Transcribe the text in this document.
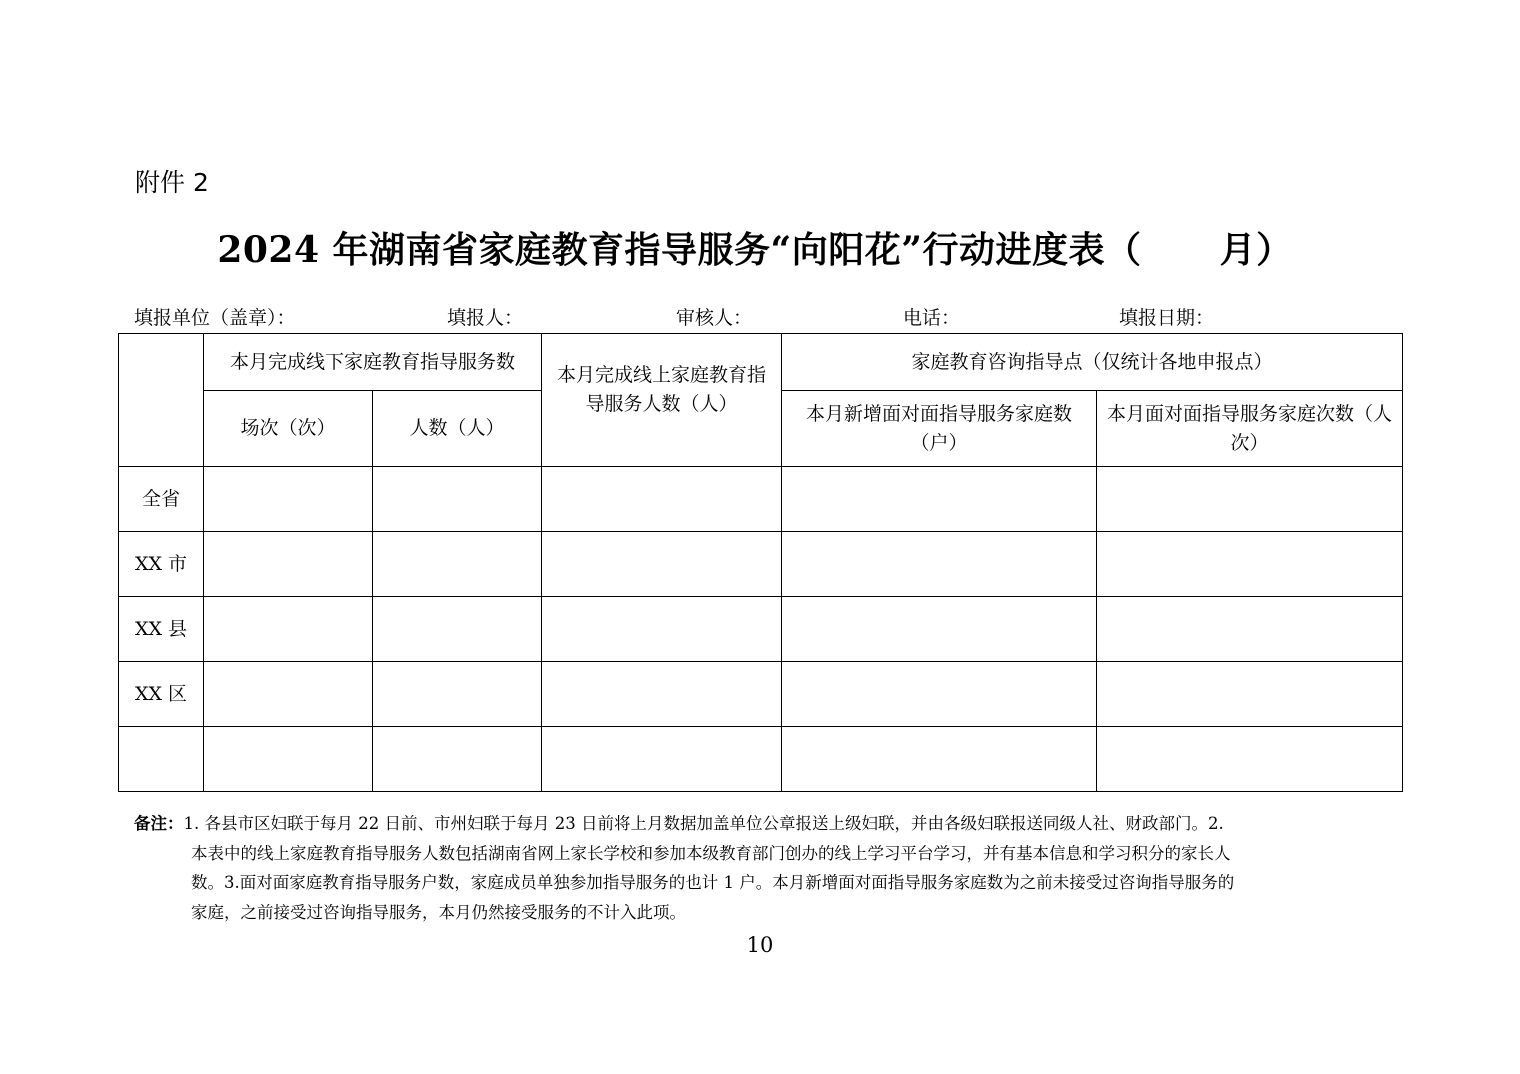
附件 2
2024 年湖南省家庭教育指导服务“向阳花”行动进度表（      月）
填报单位（盖章）：	填报人：	审核人：	电话：	填报日期：
	本月完成线下家庭教育指导服务数		本月完成线上家庭教育指导服务人数（人）	家庭教育咨询指导点（仅统计各地申报点）	
	场次（次）	人数（人）		本月新增面对面指导服务家庭数（户）	本月面对面指导服务家庭次数（人次）
全省					
XX 市					
XX 县					
XX 区					

备注：1. 各县市区妇联于每月 22 日前、市州妇联于每月 23 日前将上月数据加盖单位公章报送上级妇联，并由各级妇联报送同级人社、财政部门。2.
本表中的线上家庭教育指导服务人数包括湖南省网上家长学校和参加本级教育部门创办的线上学习平台学习，并有基本信息和学习积分的家长人
数。3.面对面家庭教育指导服务户数，家庭成员单独参加指导服务的也计 1 户。本月新增面对面指导服务家庭数为之前未接受过咨询指导服务的
家庭，之前接受过咨询指导服务，本月仍然接受服务的不计入此项。
10
